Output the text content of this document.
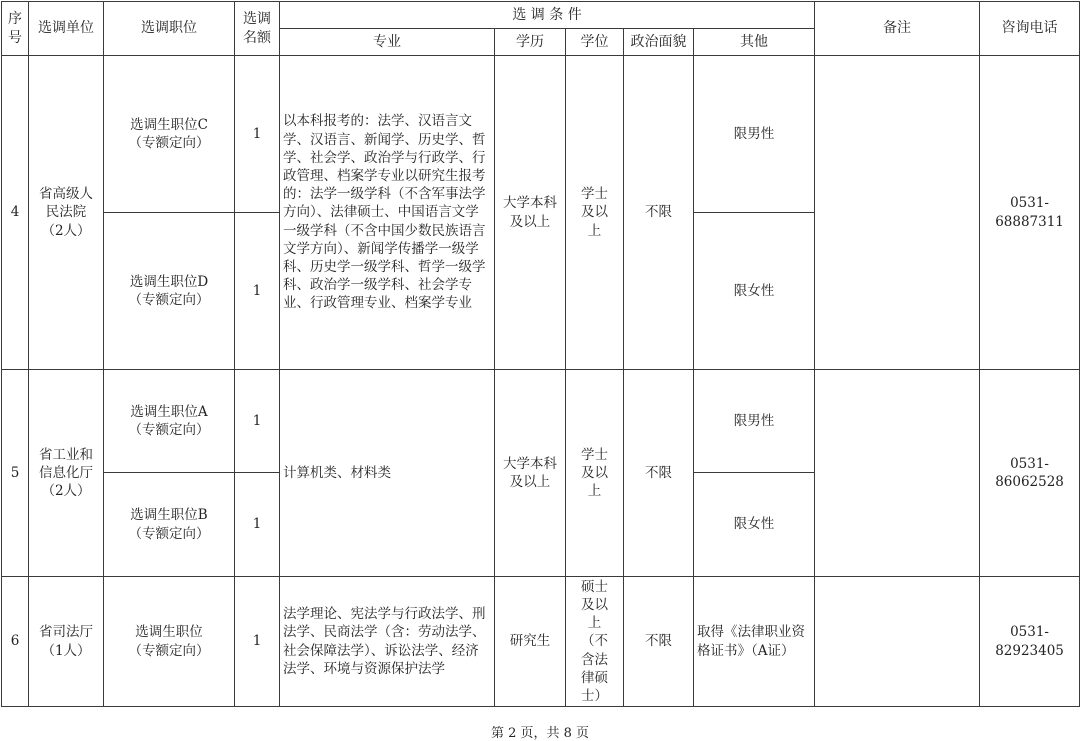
序号	选调单位	选调职位	选调名额	选 调 条 件					备注	咨询电话
				专业	学历	学位	政治面貌	其他		
4	省高级人民法院（2人）	选调生职位C（专额定向）	1	以本科报考的：法学、汉语言文学、汉语言、新闻学、历史学、哲学、社会学、政治学与行政学、行政管理、档案学专业以研究生报考的：法学一级学科（不含军事法学方向）、法律硕士、中国语言文学一级学科（不含中国少数民族语言文学方向）、新闻学传播学一级学科、历史学一级学科、哲学一级学科、政治学一级学科、社会学专业、行政管理专业、档案学专业	大学本科及以上	学士及以上	不限	限男性		0531-68887311
		选调生职位D（专额定向）	1					限女性		
5	省工业和信息化厅（2人）	选调生职位A（专额定向）	1	计算机类、材料类	大学本科及以上	学士及以上	不限	限男性		0531-86062528
		选调生职位B（专额定向）	1					限女性		
6	省司法厅（1人）	选调生职位（专额定向）	1	法学理论、宪法学与行政法学、刑法学、民商法学（含：劳动法学、社会保障法学）、诉讼法学、经济法学、环境与资源保护法学	研究生	硕士及以上（不含法律硕士）	不限	取得《法律职业资格证书》（A证）		0531-82923405
第 2 页，共 8 页
